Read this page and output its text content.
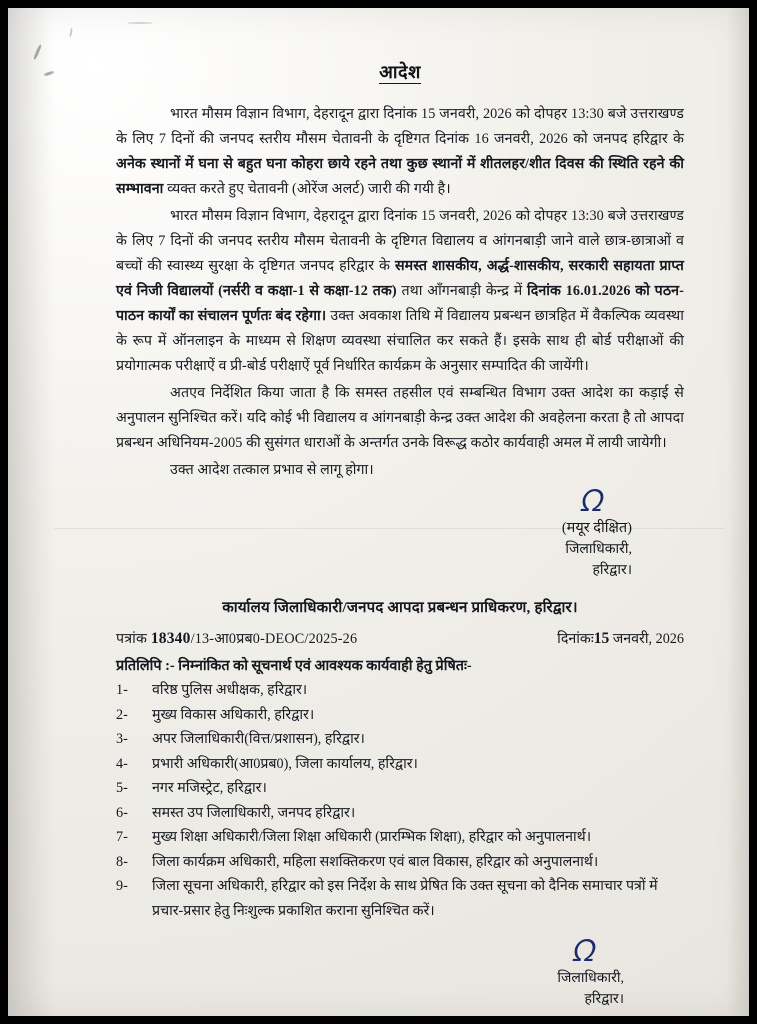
आदेश

भारत मौसम विज्ञान विभाग, देहरादून द्वारा दिनांक 15 जनवरी, 2026 को दोपहर 13:30 बजे उत्तराखण्ड के लिए 7 दिनों की जनपद स्तरीय मौसम चेतावनी के दृष्टिगत दिनांक 16 जनवरी, 2026 को जनपद हरिद्वार के अनेक स्थानों में घना से बहुत घना कोहरा छाये रहने तथा कुछ स्थानों में शीतलहर/शीत दिवस की स्थिति रहने की सम्भावना व्यक्त करते हुए चेतावनी (ओरेंज अलर्ट) जारी की गयी है।

भारत मौसम विज्ञान विभाग, देहरादून द्वारा दिनांक 15 जनवरी, 2026 को दोपहर 13:30 बजे उत्तराखण्ड के लिए 7 दिनों की जनपद स्तरीय मौसम चेतावनी के दृष्टिगत विद्यालय व आंगनबाड़ी जाने वाले छात्र-छात्राओं व बच्चों की स्वास्थ्य सुरक्षा के दृष्टिगत जनपद हरिद्वार के समस्त शासकीय, अर्द्ध-शासकीय, सरकारी सहायता प्राप्त एवं निजी विद्यालयों (नर्सरी व कक्षा-1 से कक्षा-12 तक) तथा आँगनबाड़ी केन्द्र में दिनांक 16.01.2026 को पठन-पाठन कार्यों का संचालन पूर्णतः बंद रहेगा। उक्त अवकाश तिथि में विद्यालय प्रबन्धन छात्रहित में वैकल्पिक व्यवस्था के रूप में ऑनलाइन के माध्यम से शिक्षण व्यवस्था संचालित कर सकते हैं। इसके साथ ही बोर्ड परीक्षाओं की प्रयोगात्मक परीक्षाऐं व प्री-बोर्ड परीक्षाऐं पूर्व निर्धारित कार्यक्रम के अनुसार सम्पादित की जायेंगी।

अतएव निर्देशित किया जाता है कि समस्त तहसील एवं सम्बन्धित विभाग उक्त आदेश का कड़ाई से अनुपालन सुनिश्चित करें। यदि कोई भी विद्यालय व आंगनबाड़ी केन्द्र उक्त आदेश की अवहेलना करता है तो आपदा प्रबन्धन अधिनियम-2005 की सुसंगत धाराओं के अन्तर्गत उनके विरूद्ध कठोर कार्यवाही अमल में लायी जायेगी।

उक्त आदेश तत्काल प्रभाव से लागू होगा।

ᘯ
(मयूर दीक्षित)
जिलाधिकारी,
हरिद्वार।
कार्यालय जिलाधिकारी/जनपद आपदा प्रबन्धन प्राधिकरण, हरिद्वार।
पत्रांक 18340/13-आ0प्रब0-DEOC/2025-26	दिनांकः15 जनवरी, 2026
प्रतिलिपि :- निम्नांकित को सूचनार्थ एवं आवश्यक कार्यवाही हेतु प्रेषितः-
1-	वरिष्ठ पुलिस अधीक्षक, हरिद्वार।
2-	मुख्य विकास अधिकारी, हरिद्वार।
3-	अपर जिलाधिकारी(वित्त/प्रशासन), हरिद्वार।
4-	प्रभारी अधिकारी(आ0प्रब0), जिला कार्यालय, हरिद्वार।
5-	नगर मजिस्ट्रेट, हरिद्वार।
6-	समस्त उप जिलाधिकारी, जनपद हरिद्वार।
7-	मुख्य शिक्षा अधिकारी/जिला शिक्षा अधिकारी (प्रारम्भिक शिक्षा), हरिद्वार को अनुपालनार्थ।
8-	जिला कार्यक्रम अधिकारी, महिला सशक्तिकरण एवं बाल विकास, हरिद्वार को अनुपालनार्थ।
9-	जिला सूचना अधिकारी, हरिद्वार को इस निर्देश के साथ प्रेषित कि उक्त सूचना को दैनिक समाचार पत्रों में प्रचार-प्रसार हेतु निःशुल्क प्रकाशित कराना सुनिश्चित करें।
ᘯ
जिलाधिकारी,
हरिद्वार।
